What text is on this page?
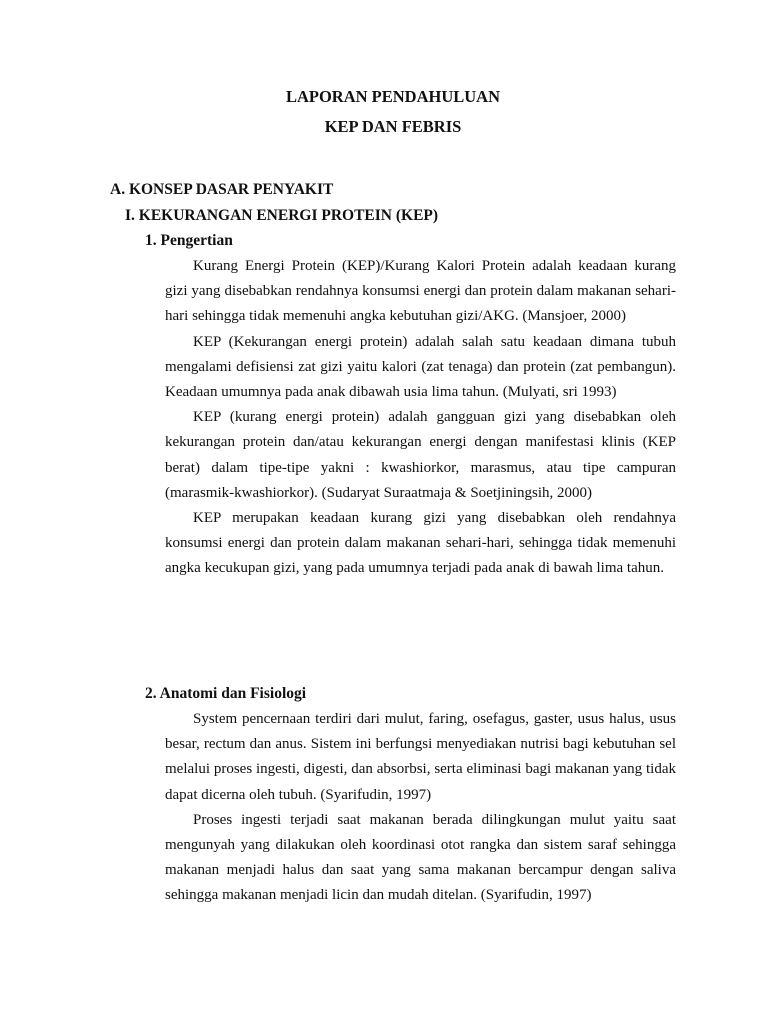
LAPORAN PENDAHULUAN
KEP DAN FEBRIS
A. KONSEP DASAR PENYAKIT
I. KEKURANGAN ENERGI PROTEIN (KEP)
1. Pengertian

Kurang Energi Protein (KEP)/Kurang Kalori Protein adalah keadaan kurang gizi yang disebabkan rendahnya konsumsi energi dan protein dalam makanan sehari-hari sehingga tidak memenuhi angka kebutuhan gizi/AKG. (Mansjoer, 2000)

KEP (Kekurangan energi protein) adalah salah satu keadaan dimana tubuh mengalami defisiensi zat gizi yaitu kalori (zat tenaga) dan protein (zat pembangun). Keadaan umumnya pada anak dibawah usia lima tahun. (Mulyati, sri 1993)

KEP (kurang energi protein) adalah gangguan gizi yang disebabkan oleh kekurangan protein dan/atau kekurangan energi dengan manifestasi klinis (KEP berat) dalam tipe-tipe yakni : kwashiorkor, marasmus, atau tipe campuran (marasmik-kwashiorkor). (Sudaryat Suraatmaja & Soetjiningsih, 2000)

KEP merupakan keadaan kurang gizi yang disebabkan oleh rendahnya konsumsi energi dan protein dalam makanan sehari-hari, sehingga tidak memenuhi angka kecukupan gizi, yang pada umumnya terjadi pada anak di bawah lima tahun.

2. Anatomi dan Fisiologi

System pencernaan terdiri dari mulut, faring, osefagus, gaster, usus halus, usus besar, rectum dan anus. Sistem ini berfungsi menyediakan nutrisi bagi kebutuhan sel melalui proses ingesti, digesti, dan absorbsi, serta eliminasi bagi makanan yang tidak dapat dicerna oleh tubuh. (Syarifudin, 1997)

Proses ingesti terjadi saat makanan berada dilingkungan mulut yaitu saat mengunyah yang dilakukan oleh koordinasi otot rangka dan sistem saraf sehingga makanan menjadi halus dan saat yang sama makanan bercampur dengan saliva sehingga makanan menjadi licin dan mudah ditelan. (Syarifudin, 1997)
